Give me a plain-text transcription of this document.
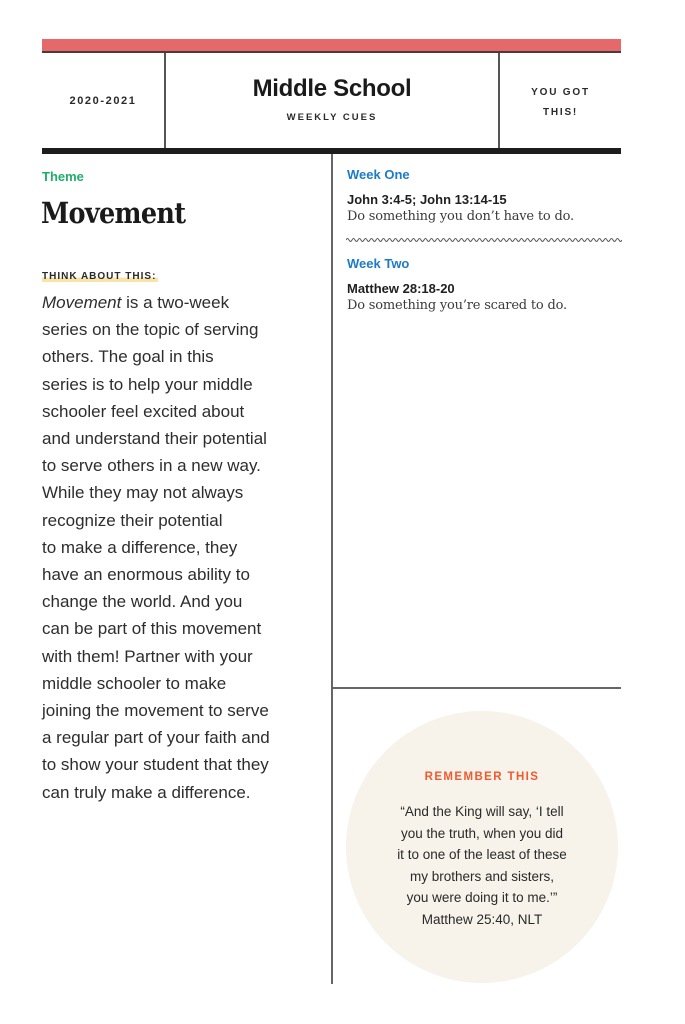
2020-2021	Middle School
WEEKLY CUES
YOU GOT
THIS!
Theme
Movement
THINK ABOUT THIS:
Movement is a two-week
series on the topic of serving
others. The goal in this
series is to help your middle
schooler feel excited about
and understand their potential
to serve others in a new way.
While they may not always
recognize their potential
to make a difference, they
have an enormous ability to
change the world. And you
can be part of this movement
with them! Partner with your
middle schooler to make
joining the movement to serve
a regular part of your faith and
to show your student that they
can truly make a difference.
Week One
John 3:4-5; John 13:14-15
Do something you don’t have to do.
Week Two
Matthew 28:18-20
Do something you’re scared to do.
REMEMBER THIS
“And the King will say, ‘I tell
you the truth, when you did
it to one of the least of these
my brothers and sisters,
you were doing it to me.’”
Matthew 25:40, NLT
